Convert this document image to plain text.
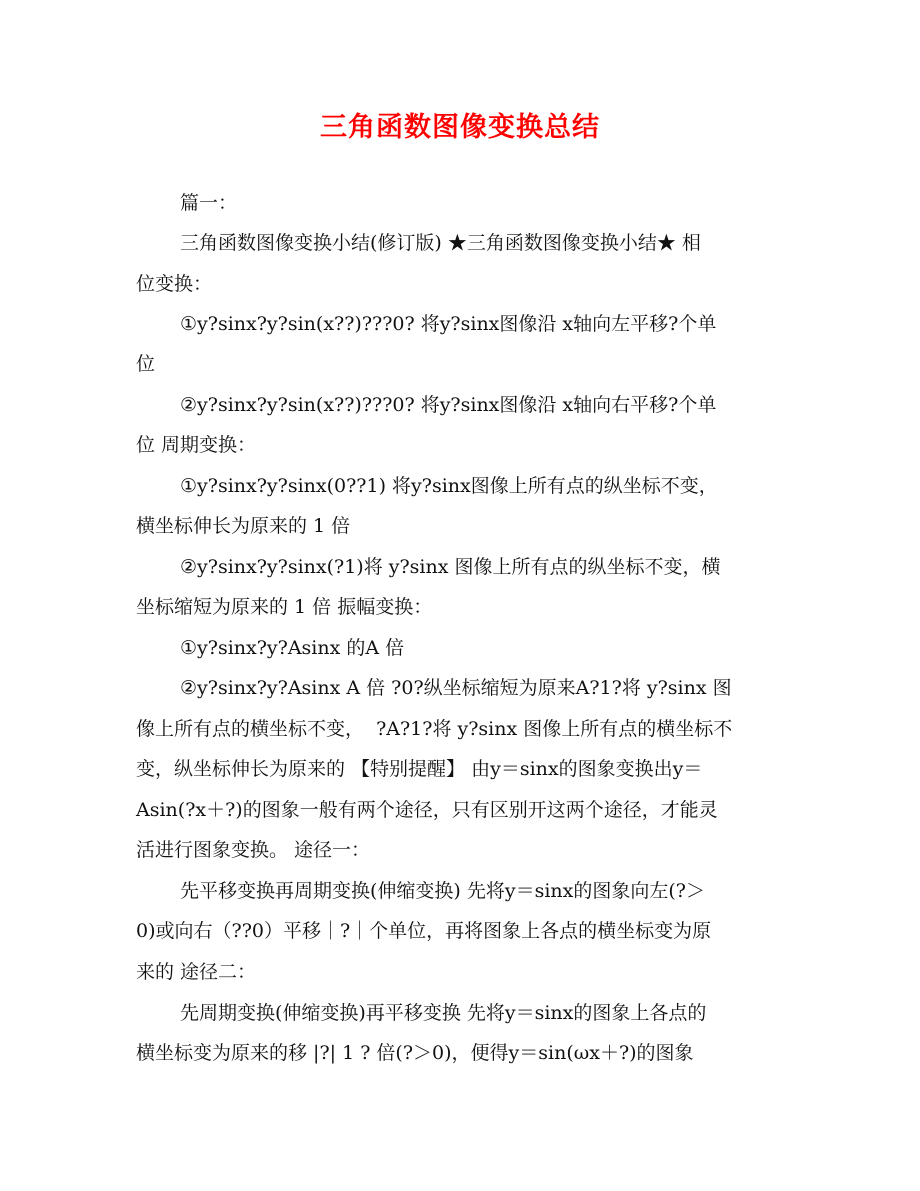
三角函数图像变换总结
篇一：
三角函数图像变换小结(修订版) ★三角函数图像变换小结★ 相
位变换：
①y?sinx?y?sin(x??)???0? 将y?sinx图像沿 x轴向左平移?个单
位
②y?sinx?y?sin(x??)???0? 将y?sinx图像沿 x轴向右平移?个单
位 周期变换：
①y?sinx?y?sinx(0??1) 将y?sinx图像上所有点的纵坐标不变，
横坐标伸长为原来的 1 倍
②y?sinx?y?sinx(?1)将 y?sinx 图像上所有点的纵坐标不变，横
坐标缩短为原来的 1 倍 振幅变换：
①y?sinx?y?Asinx 的A 倍
②y?sinx?y?Asinx A 倍 ?0?纵坐标缩短为原来A?1?将 y?sinx 图
像上所有点的横坐标不变，  ?A?1?将 y?sinx 图像上所有点的横坐标不
变，纵坐标伸长为原来的 【特别提醒】 由y＝sinx的图象变换出y＝
Asin(?x＋?)的图象一般有两个途径，只有区别开这两个途径，才能灵
活进行图象变换。 途径一：
先平移变换再周期变换(伸缩变换) 先将y＝sinx的图象向左(?＞
0)或向右（??0）平移｜?｜个单位，再将图象上各点的横坐标变为原
来的 途径二：
先周期变换(伸缩变换)再平移变换 先将y＝sinx的图象上各点的
横坐标变为原来的移 |?| 1 ? 倍(?＞0)，便得y＝sin(ωx＋?)的图象
